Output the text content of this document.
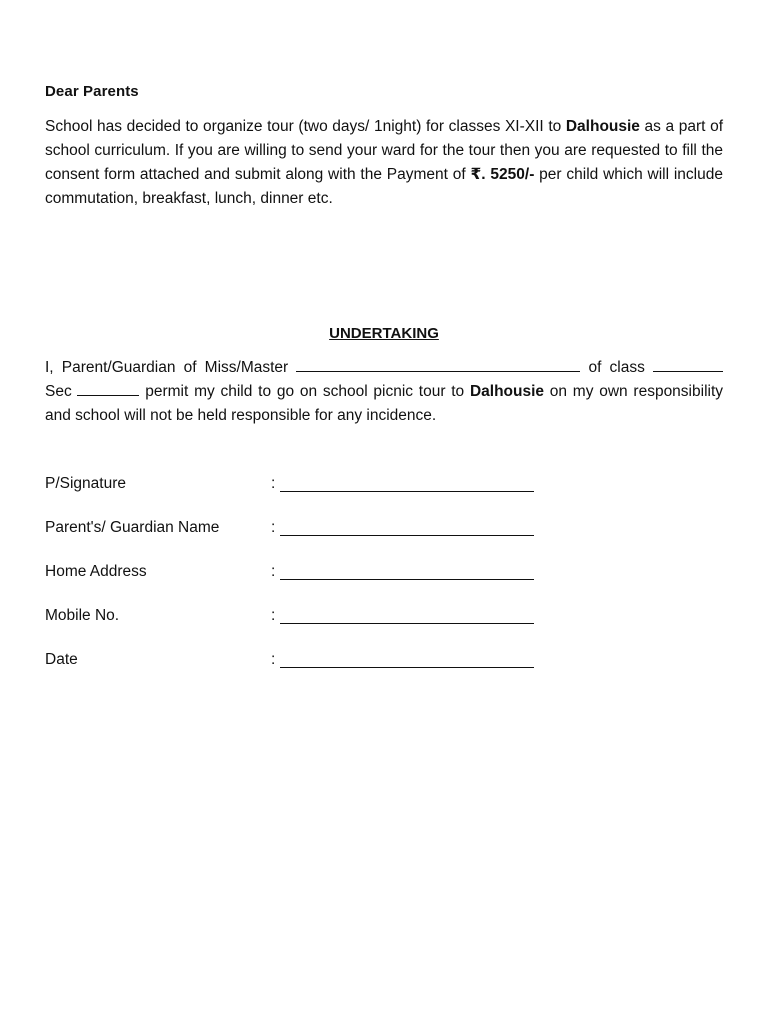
Dear Parents
School has decided to organize tour (two days/ 1night) for classes XI-XII to Dalhousie as a part of school curriculum. If you are willing to send your ward for the tour then you are requested to fill the consent form attached and submit along with the Payment of ₹. 5250/- per child which will include commutation, breakfast, lunch, dinner etc.
UNDERTAKING
I, Parent/Guardian of Miss/Master	of class  Sec	permit my child to go on school picnic tour to Dalhousie on my own responsibility and school will not be held responsible for any incidence.
P/Signature	:
Parent's/ Guardian Name	:
Home Address	:
Mobile No.	:
Date	:
